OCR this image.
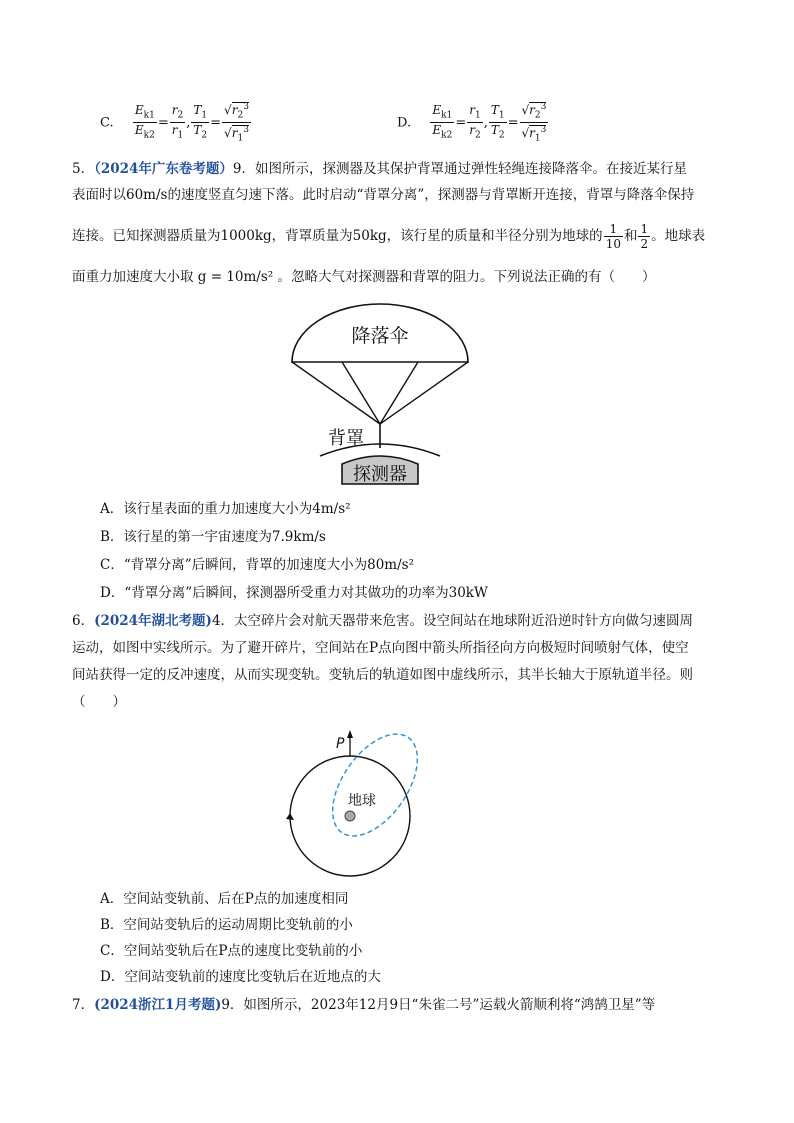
C. $\frac{E_{k1}}{E_{k2}} = \frac{r_2}{r_1}$ , $\frac{T_1}{T_2} = \frac{√r_2^3}{√r_1^3}$	D. $\frac{E_{k1}}{E_{k2}} = \frac{r_1}{r_2}$ , $\frac{T_1}{T_2} = \frac{√r_2^3}{√r_1^3}$
5．（2024年广东卷考题）9．如图所示，探测器及其保护背罩通过弹性轻绳连接降落伞。在接近某行星
表面时以60m/s的速度竖直匀速下落。此时启动“背罩分离”，探测器与背罩断开连接，背罩与降落伞保持
连接。已知探测器质量为1000kg，背罩质量为50kg，该行星的质量和半径分别为地球的 $\frac{1}{10}$ 和 $\frac{1}{2}$ 。地球表
面重力加速度大小取 g = 10m/s² 。忽略大气对探测器和背罩的阻力。下列说法正确的有（　　）
降落伞
背罩
探测器
A．该行星表面的重力加速度大小为4m/s²
B．该行星的第一宇宙速度为7.9km/s
C．“背罩分离”后瞬间，背罩的加速度大小为80m/s²
D．“背罩分离”后瞬间，探测器所受重力对其做功的功率为30kW
6．(2024年湖北考题)4．太空碎片会对航天器带来危害。设空间站在地球附近沿逆时针方向做匀速圆周
运动，如图中实线所示。为了避开碎片，空间站在P点向图中箭头所指径向方向极短时间喷射气体，使空
间站获得一定的反冲速度，从而实现变轨。变轨后的轨道如图中虚线所示，其半长轴大于原轨道半径。则
（　　）
P
地球
A．空间站变轨前、后在P点的加速度相同
B．空间站变轨后的运动周期比变轨前的小
C．空间站变轨后在P点的速度比变轨前的小
D．空间站变轨前的速度比变轨后在近地点的大
7．(2024浙江1月考题)9．如图所示，2023年12月9日“朱雀二号”运载火箭顺利将“鸿鹄卫星”等
